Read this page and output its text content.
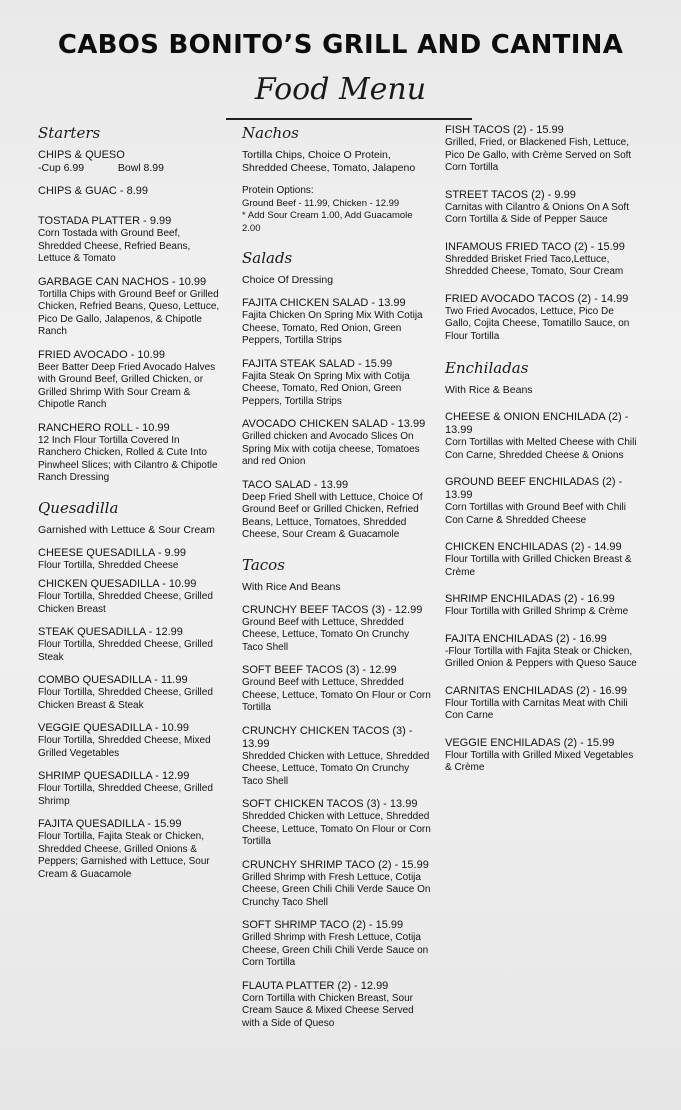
CABOS BONITO’S GRILL AND CANTINA
Food Menu
Starters
CHIPS & QUESO
-Cup 6.99	Bowl 8.99
CHIPS & GUAC - 8.99
TOSTADA PLATTER - 9.99
Corn Tostada with Ground Beef, Shredded Cheese, Refried Beans, Lettuce & Tomato
GARBAGE CAN NACHOS - 10.99
Tortilla Chips with Ground Beef or Grilled Chicken, Refried Beans, Queso, Lettuce, Pico De Gallo, Jalapenos, & Chipotle Ranch
FRIED AVOCADO - 10.99
Beer Batter Deep Fried Avocado Halves with Ground Beef, Grilled Chicken, or Grilled Shrimp With Sour Cream & Chipotle Ranch
RANCHERO ROLL - 10.99
12 Inch Flour Tortilla Covered In Ranchero Chicken, Rolled & Cute Into Pinwheel Slices; with Cilantro & Chipotle Ranch Dressing
Quesadilla
Garnished with Lettuce & Sour Cream
CHEESE QUESADILLA - 9.99
Flour Tortilla, Shredded Cheese
CHICKEN QUESADILLA - 10.99
Flour Tortilla, Shredded Cheese, Grilled Chicken Breast
STEAK QUESADILLA - 12.99
Flour Tortilla, Shredded Cheese, Grilled Steak
COMBO QUESADILLA - 11.99
Flour Tortilla, Shredded Cheese, Grilled Chicken Breast & Steak
VEGGIE QUESADILLA - 10.99
Flour Tortilla, Shredded Cheese, Mixed Grilled Vegetables
SHRIMP QUESADILLA - 12.99
Flour Tortilla, Shredded Cheese, Grilled Shrimp
FAJITA QUESADILLA - 15.99
Flour Tortilla, Fajita Steak or Chicken, Shredded Cheese, Grilled Onions & Peppers; Garnished with Lettuce, Sour Cream & Guacamole
Nachos
Tortilla Chips, Choice O Protein, Shredded Cheese, Tomato, Jalapeno
Protein Options:
Ground Beef - 11.99, Chicken - 12.99
* Add Sour Cream 1.00, Add Guacamole 2.00
Salads
Choice Of Dressing
FAJITA CHICKEN SALAD - 13.99
Fajita Chicken On Spring Mix With Cotija Cheese, Tomato, Red Onion, Green Peppers, Tortilla Strips
FAJITA STEAK SALAD - 15.99
Fajita Steak On Spring Mix with Cotija Cheese, Tomato, Red Onion, Green Peppers, Tortilla Strips
AVOCADO CHICKEN SALAD - 13.99
Grilled chicken and Avocado Slices On Spring Mix with cotija cheese, Tomatoes and red Onion
TACO SALAD - 13.99
Deep Fried Shell with Lettuce, Choice Of Ground Beef or Grilled Chicken, Refried Beans, Lettuce, Tomatoes, Shredded Cheese, Sour Cream & Guacamole
Tacos
With Rice And Beans
CRUNCHY BEEF TACOS (3) - 12.99
Ground Beef with Lettuce, Shredded Cheese, Lettuce, Tomato On Crunchy Taco Shell
SOFT BEEF TACOS (3) - 12.99
Ground Beef with Lettuce, Shredded Cheese, Lettuce, Tomato On Flour or Corn Tortilla
CRUNCHY CHICKEN TACOS (3) - 13.99
Shredded Chicken with Lettuce, Shredded Cheese, Lettuce, Tomato On Crunchy Taco Shell
SOFT CHICKEN TACOS (3) - 13.99
Shredded Chicken with Lettuce, Shredded Cheese, Lettuce, Tomato On Flour or Corn Tortilla
CRUNCHY SHRIMP TACO (2) - 15.99
Grilled Shrimp with Fresh Lettuce, Cotija Cheese, Green Chili Chili Verde Sauce On Crunchy Taco Shell
SOFT SHRIMP TACO (2) - 15.99
Grilled Shrimp with Fresh Lettuce, Cotija Cheese, Green Chili Chili Verde Sauce on Corn Tortilla
FLAUTA PLATTER (2) - 12.99
Corn Tortilla with Chicken Breast, Sour Cream Sauce & Mixed Cheese Served with a Side of Queso
FISH TACOS (2) - 15.99
Grilled, Fried, or Blackened Fish, Lettuce, Pico De Gallo, with Crème Served on Soft Corn Tortilla
STREET TACOS (2) - 9.99
Carnitas with Cilantro & Onions On A Soft Corn Tortilla & Side of Pepper Sauce
INFAMOUS FRIED TACO (2) - 15.99
Shredded Brisket Fried Taco,Lettuce, Shredded Cheese, Tomato, Sour Cream
FRIED AVOCADO TACOS (2) - 14.99
Two Fried Avocados, Lettuce, Pico De Gallo, Cojita Cheese, Tomatillo Sauce, on Flour Tortilla
Enchiladas
With Rice & Beans
CHEESE & ONION ENCHILADA (2) - 13.99
Corn Tortillas with Melted Cheese with Chili Con Carne, Shredded Cheese & Onions
GROUND BEEF ENCHILADAS (2) - 13.99
Corn Tortillas with Ground Beef with Chili Con Carne & Shredded Cheese
CHICKEN ENCHILADAS (2) - 14.99
Flour Tortilla with Grilled Chicken Breast & Crème
SHRIMP ENCHILADAS (2) - 16.99
Flour Tortilla with Grilled Shrimp & Crème
FAJITA ENCHILADAS (2) - 16.99
-Flour Tortilla with Fajita Steak or Chicken, Grilled Onion & Peppers with Queso Sauce
CARNITAS ENCHILADAS (2) - 16.99
Flour Tortilla with Carnitas Meat with Chili Con Carne
VEGGIE ENCHILADAS (2) - 15.99
Flour Tortilla with Grilled Mixed Vegetables & Crème
